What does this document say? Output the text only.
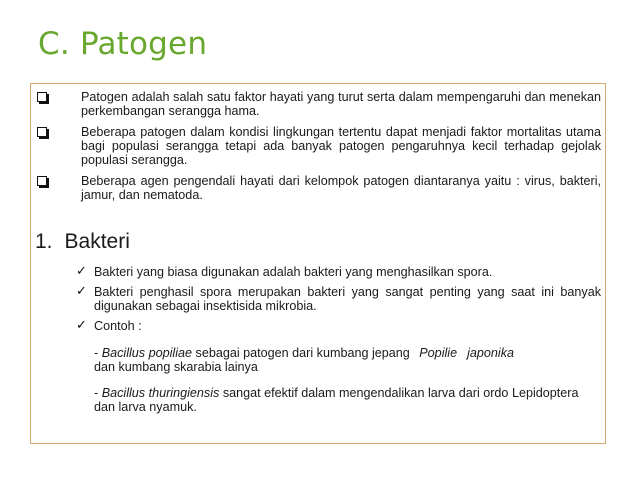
C. Patogen
Patogen adalah salah satu faktor hayati yang turut serta dalam mempengaruhi dan menekan perkembangan serangga hama.
Beberapa patogen dalam kondisi lingkungan tertentu dapat menjadi faktor mortalitas utama bagi populasi serangga tetapi ada banyak patogen pengaruhnya kecil terhadap gejolak populasi serangga.
Beberapa agen pengendali hayati dari kelompok patogen diantaranya yaitu : virus, bakteri, jamur, dan nematoda.
1. Bakteri
✓ Bakteri yang biasa digunakan adalah bakteri yang menghasilkan spora.
✓ Bakteri penghasil spora merupakan bakteri yang sangat penting yang saat ini banyak digunakan sebagai insektisida mikrobia.
✓ Contoh :
- Bacillus popiliae sebagai patogen dari kumbang jepang Popilie japonika
dan kumbang skarabia lainya
- Bacillus thuringiensis sangat efektif dalam mengendalikan larva dari ordo Lepidoptera dan larva nyamuk.
